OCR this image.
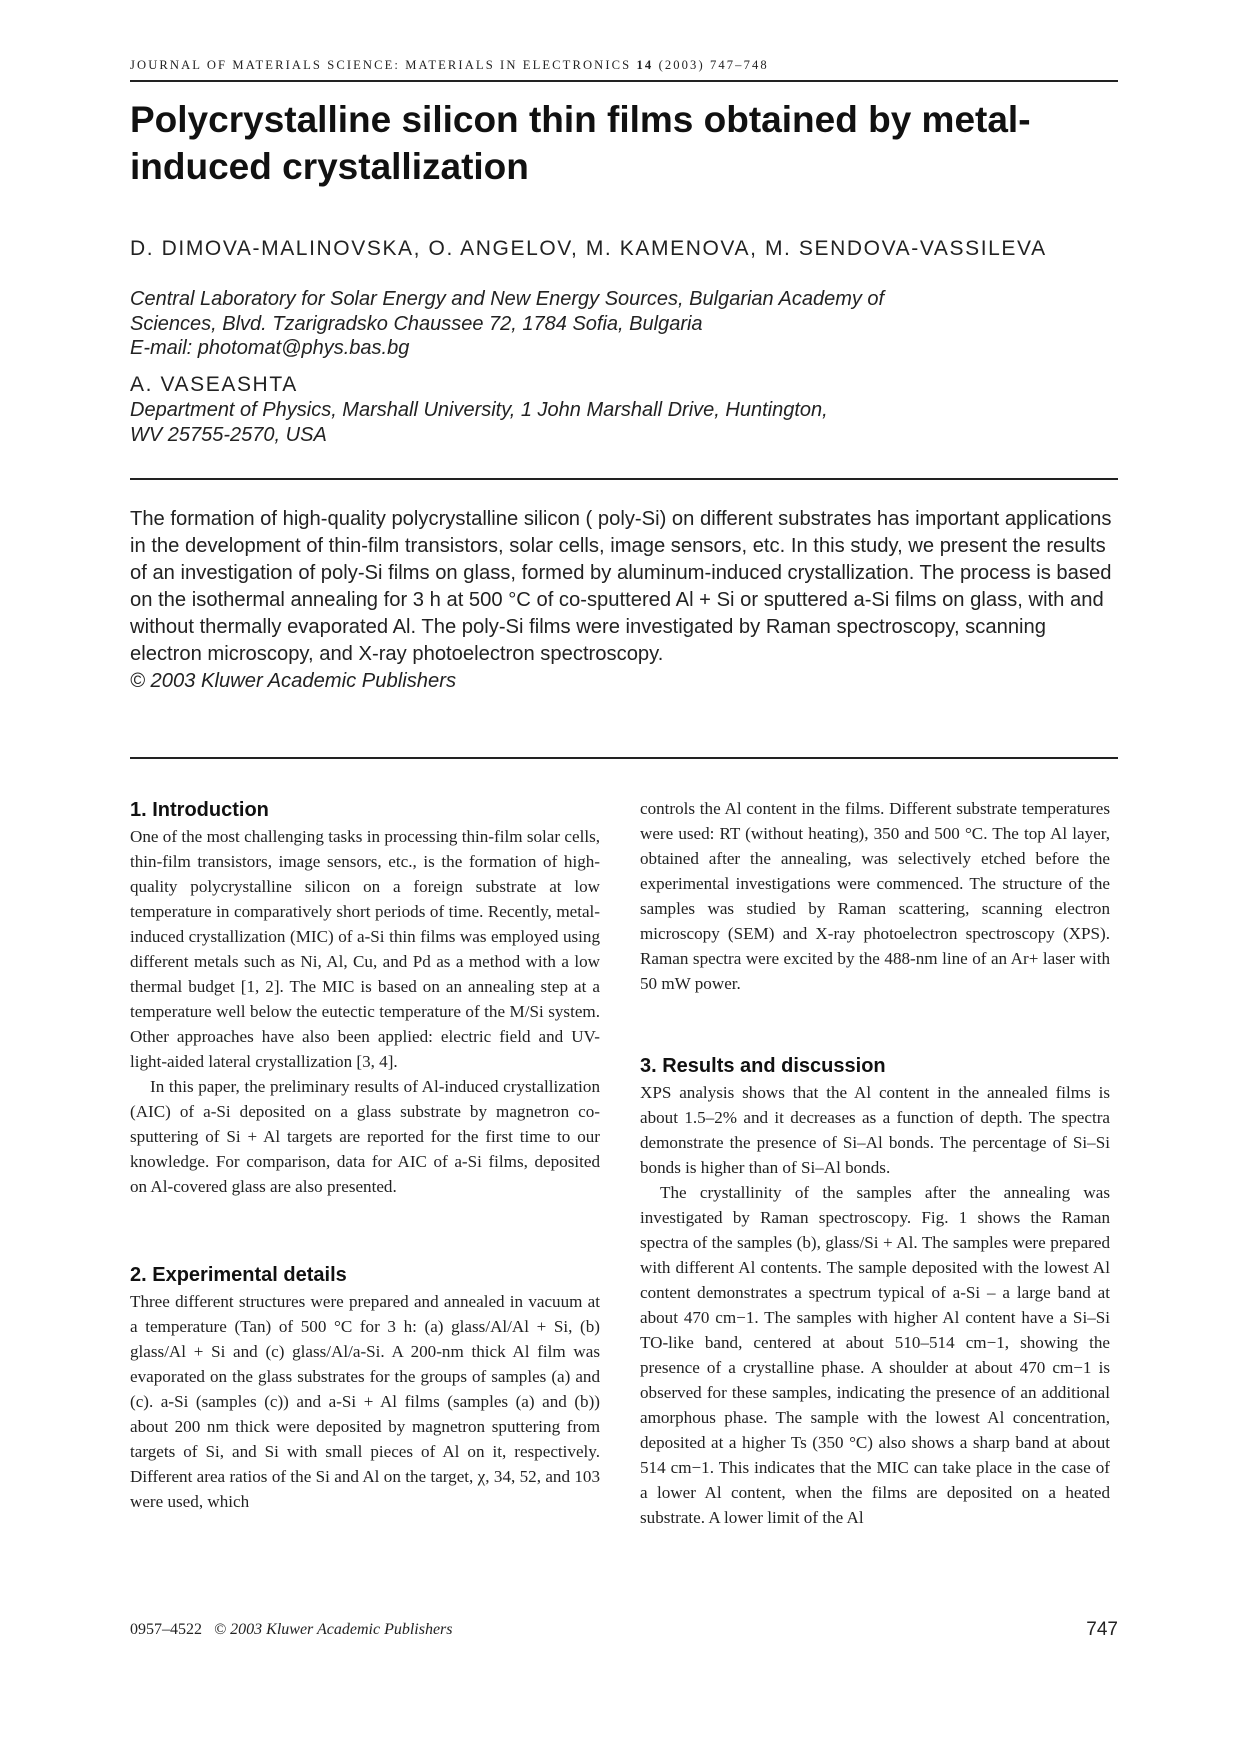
JOURNAL OF MATERIALS SCIENCE: MATERIALS IN ELECTRONICS 14 (2003) 747–748
Polycrystalline silicon thin films obtained by metal-induced crystallization
D. DIMOVA-MALINOVSKA, O. ANGELOV, M. KAMENOVA, M. SENDOVA-VASSILEVA
Central Laboratory for Solar Energy and New Energy Sources, Bulgarian Academy of
Sciences, Blvd. Tzarigradsko Chaussee 72, 1784 Sofia, Bulgaria
E-mail: photomat@phys.bas.bg
A. VASEASHTA
Department of Physics, Marshall University, 1 John Marshall Drive, Huntington,
WV 25755-2570, USA
The formation of high-quality polycrystalline silicon ( poly-Si) on different substrates has important applications in the development of thin-film transistors, solar cells, image sensors, etc. In this study, we present the results of an investigation of poly-Si films on glass, formed by aluminum-induced crystallization. The process is based on the isothermal annealing for 3 h at 500 °C of co-sputtered Al + Si or sputtered a-Si films on glass, with and without thermally evaporated Al. The poly-Si films were investigated by Raman spectroscopy, scanning electron microscopy, and X-ray photoelectron spectroscopy.
© 2003 Kluwer Academic Publishers
1. Introduction

One of the most challenging tasks in processing thin-film solar cells, thin-film transistors, image sensors, etc., is the formation of high-quality polycrystalline silicon on a foreign substrate at low temperature in comparatively short periods of time. Recently, metal-induced crystallization (MIC) of a-Si thin films was employed using different metals such as Ni, Al, Cu, and Pd as a method with a low thermal budget [1, 2]. The MIC is based on an annealing step at a temperature well below the eutectic temperature of the M/Si system. Other approaches have also been applied: electric field and UV-light-aided lateral crystallization [3, 4].

In this paper, the preliminary results of Al-induced crystallization (AIC) of a-Si deposited on a glass substrate by magnetron co-sputtering of Si + Al targets are reported for the first time to our knowledge. For comparison, data for AIC of a-Si films, deposited on Al-covered glass are also presented.

2. Experimental details

Three different structures were prepared and annealed in vacuum at a temperature (Tan) of 500 °C for 3 h: (a) glass/Al/Al + Si, (b) glass/Al + Si and (c) glass/Al/a-Si. A 200-nm thick Al film was evaporated on the glass substrates for the groups of samples (a) and (c). a-Si (samples (c)) and a-Si + Al films (samples (a) and (b)) about 200 nm thick were deposited by magnetron sputtering from targets of Si, and Si with small pieces of Al on it, respectively. Different area ratios of the Si and Al on the target, χ, 34, 52, and 103 were used, which

controls the Al content in the films. Different substrate temperatures were used: RT (without heating), 350 and 500 °C. The top Al layer, obtained after the annealing, was selectively etched before the experimental investigations were commenced. The structure of the samples was studied by Raman scattering, scanning electron microscopy (SEM) and X-ray photoelectron spectroscopy (XPS). Raman spectra were excited by the 488-nm line of an Ar+ laser with 50 mW power.

3. Results and discussion

XPS analysis shows that the Al content in the annealed films is about 1.5–2% and it decreases as a function of depth. The spectra demonstrate the presence of Si–Al bonds. The percentage of Si–Si bonds is higher than of Si–Al bonds.

The crystallinity of the samples after the annealing was investigated by Raman spectroscopy. Fig. 1 shows the Raman spectra of the samples (b), glass/Si + Al. The samples were prepared with different Al contents. The sample deposited with the lowest Al content demonstrates a spectrum typical of a-Si – a large band at about 470 cm−1. The samples with higher Al content have a Si–Si TO-like band, centered at about 510–514 cm−1, showing the presence of a crystalline phase. A shoulder at about 470 cm−1 is observed for these samples, indicating the presence of an additional amorphous phase. The sample with the lowest Al concentration, deposited at a higher Ts (350 °C) also shows a sharp band at about 514 cm−1. This indicates that the MIC can take place in the case of a lower Al content, when the films are deposited on a heated substrate. A lower limit of the Al

0957–4522 © 2003 Kluwer Academic Publishers	747
